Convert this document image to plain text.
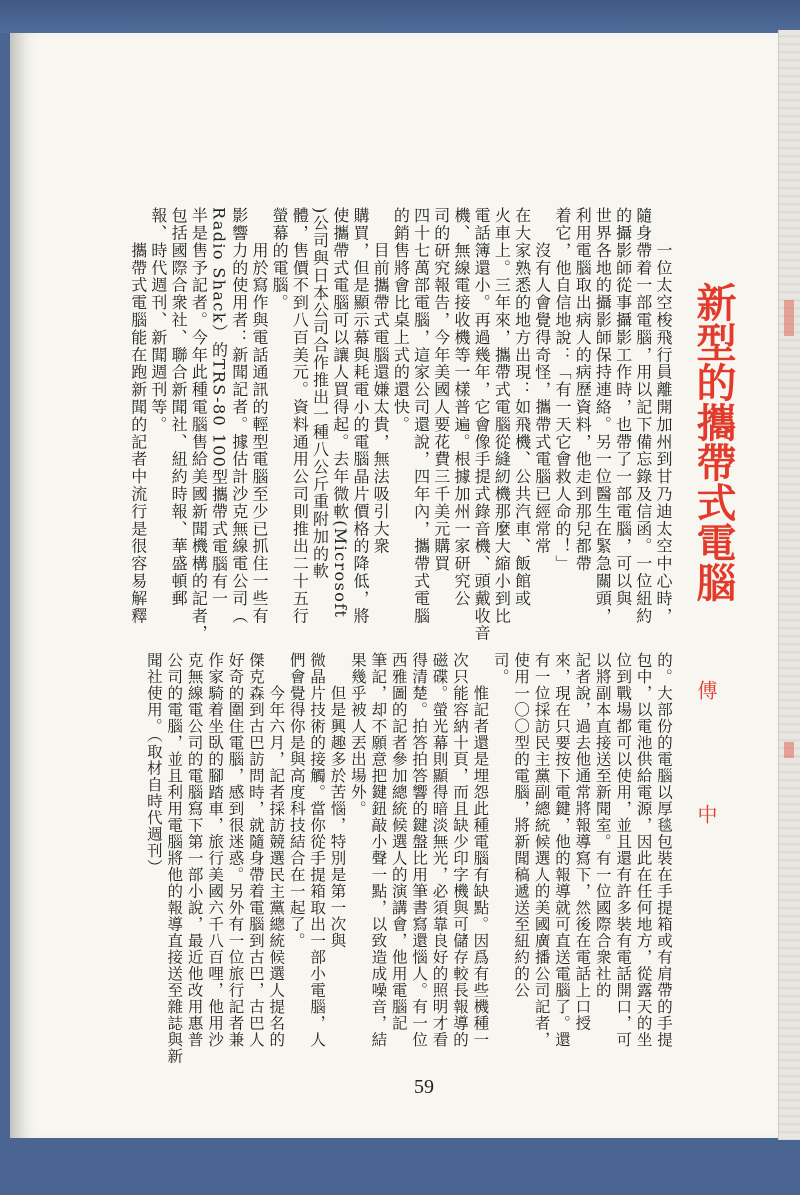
新型的攜帶式電腦
傅中
　　一位太空梭飛行員離開加州到甘乃迪太空中心時，
隨身帶着一部電腦，用以記下備忘錄及信函。一位紐約
的攝影師從事攝影工作時，也帶了一部電腦，可以與
世界各地的攝影師保持連絡。另一位醫生在緊急關頭，
利用電腦取出病人的病歷資料，他走到那兒都帶
着它，他自信地說：「有一天它會救人命的！」
　　沒有人會覺得奇怪，攜帶式電腦已經常常
在大家熟悉的地方出現：如飛機、公共汽車、飯館或
火車上。三年來，攜帶式電腦從縫紉機那麼大縮小到比
電話簿還小。再過幾年，它會像手提式錄音機、頭戴收音
機、無線電接收機等一樣普遍。根據加州一家研究公
司的研究報告，今年美國人要花費三千美元購買
四十七萬部電腦，這家公司還說，四年內，攜帶式電腦
的銷售將會比桌上式的還快。
　　目前攜帶式電腦還嫌太貴，無法吸引大衆
購買，但是顯示幕與耗電小的電腦晶片價格的降低，將
使攜帶式電腦可以讓人買得起。去年微軟(Microsoft
)公司與日本公司合作推出一種八公斤重附加的軟
體，售價不到八百美元。資料通用公司則推出二十五行
螢幕的電腦。
　　用於寫作與電話通訊的輕型電腦至少已抓住一些有
影響力的使用者：新聞記者。據估計沙克無線電公司（
Radio Shack）的TRS-80 100型攜帶式電腦有一
半是售予記者。今年此種電腦售給美國新聞機構的記者，
包括國際合衆社、聯合新聞社、紐約時報、華盛頓郵
報、時代週刊、新聞週刊等。
　　攜帶式電腦能在跑新聞的記者中流行是很容易解釋
的。大部份的電腦以厚毯包裝在手提箱或有肩帶的手提
包中，以電池供給電源，因此在任何地方，從露天的坐
位到戰場都可以使用，並且還有許多裝有電話開口，可
以將副本直接送至新聞室。有一位國際合衆社的
記者說，過去他通常將報導寫下，然後在電話上口授
來，現在只要按下電鍵，他的報導就可直送電腦了。還
有一位採訪民主黨副總統候選人的美國廣播公司記者，
使用一〇〇型的電腦，將新聞稿遞送至紐約的公
司。
　　惟記者還是埋怨此種電腦有缺點。因爲有些機種一
次只能容納十頁，而且缺少印字機與可儲存較長報導的
磁碟。螢光幕則顯得暗淡無光，必須靠良好的照明才看
得清楚。拍答拍答響的鍵盤比用筆書寫還惱人。有一位
西雅圖的記者參加總統候選人的演講會，他用電腦記
筆記，却不願意把鍵鈕敲小聲一點，以致造成噪音，結
果幾乎被人丟出場外。
　　但是興趣多於苦惱，特別是第一次與
微晶片技術的接觸。當你從手提箱取出一部小電腦，人
們會覺得你是與高度科技結合在一起了。
　　今年六月，記者採訪競選民主黨總統候選人提名的
傑克森到古巴訪問時，就隨身帶着電腦到古巴，古巴人
好奇的圍住電腦，感到很迷惑。另外有一位旅行記者兼
作家騎着坐臥的腳踏車，旅行美國六千八百哩，他用沙
克無線電公司的電腦寫下第一部小說，最近他改用惠普
公司的電腦，並且利用電腦將他的報導直接送至雜誌與新
聞社使用。（取材自時代週刊）
59
